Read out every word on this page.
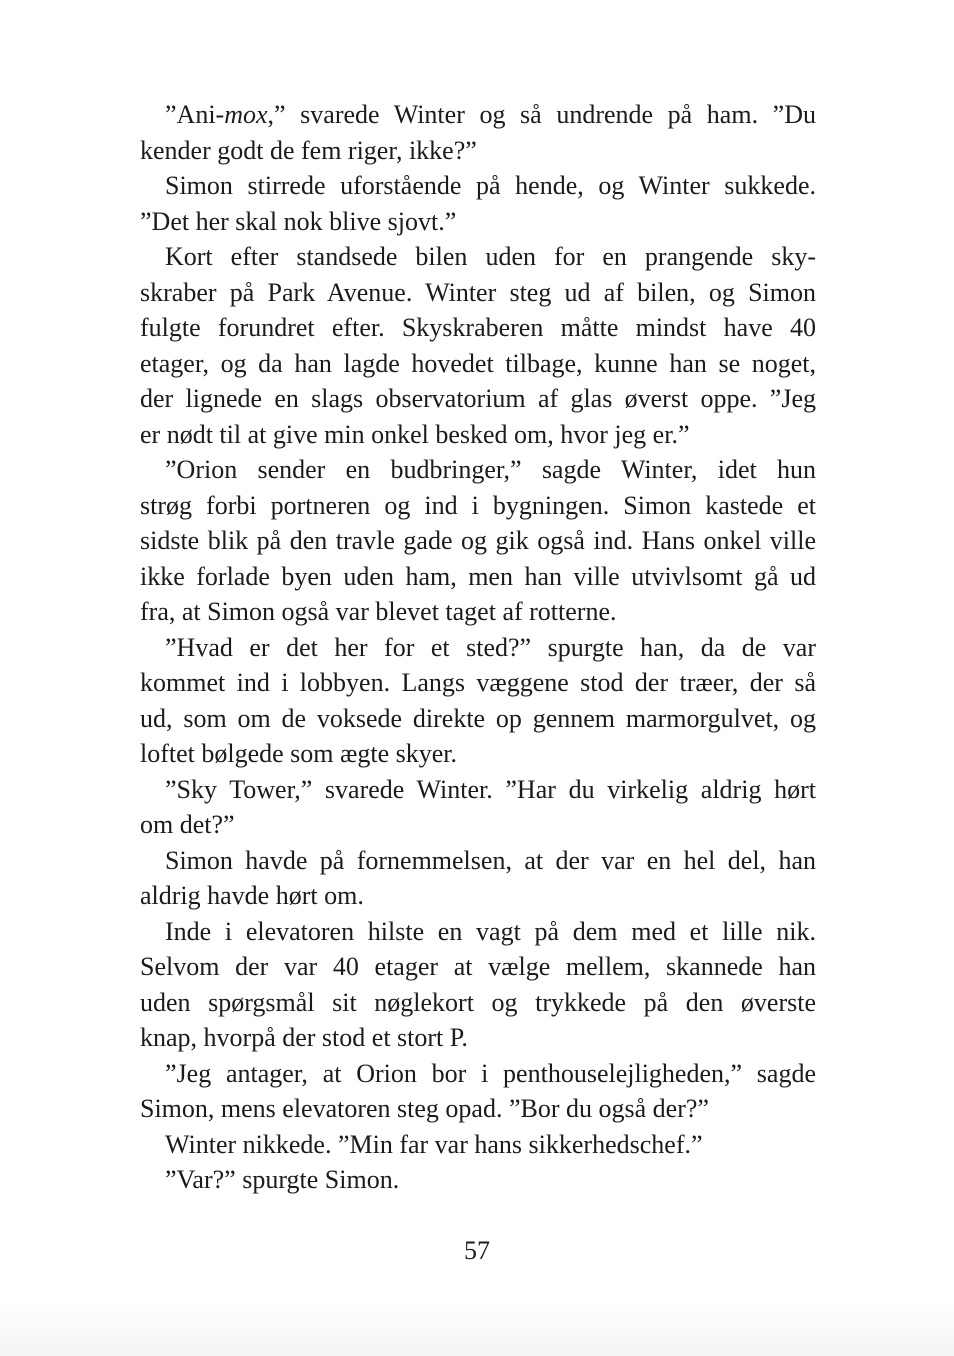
”Ani-mox,” svarede Winter og så undrende på ham. ”Du
kender godt de fem riger, ikke?”
Simon stirrede uforstående på hende, og Winter sukkede.
”Det her skal nok blive sjovt.”
Kort efter standsede bilen uden for en prangende sky-
skraber på Park Avenue. Winter steg ud af bilen, og Simon
fulgte forundret efter. Skyskraberen måtte mindst have 40
etager, og da han lagde hovedet tilbage, kunne han se noget,
der lignede en slags observatorium af glas øverst oppe. ”Jeg
er nødt til at give min onkel besked om, hvor jeg er.”
”Orion sender en budbringer,” sagde Winter, idet hun
strøg forbi portneren og ind i bygningen. Simon kastede et
sidste blik på den travle gade og gik også ind. Hans onkel ville
ikke forlade byen uden ham, men han ville utvivlsomt gå ud
fra, at Simon også var blevet taget af rotterne.
”Hvad er det her for et sted?” spurgte han, da de var
kommet ind i lobbyen. Langs væggene stod der træer, der så
ud, som om de voksede direkte op gennem marmorgulvet, og
loftet bølgede som ægte skyer.
”Sky Tower,” svarede Winter. ”Har du virkelig aldrig hørt
om det?”
Simon havde på fornemmelsen, at der var en hel del, han
aldrig havde hørt om.
Inde i elevatoren hilste en vagt på dem med et lille nik.
Selvom der var 40 etager at vælge mellem, skannede han
uden spørgsmål sit nøglekort og trykkede på den øverste
knap, hvorpå der stod et stort P.
”Jeg antager, at Orion bor i penthouselejligheden,” sagde
Simon, mens elevatoren steg opad. ”Bor du også der?”
Winter nikkede. ”Min far var hans sikkerhedschef.”
”Var?” spurgte Simon.
57
